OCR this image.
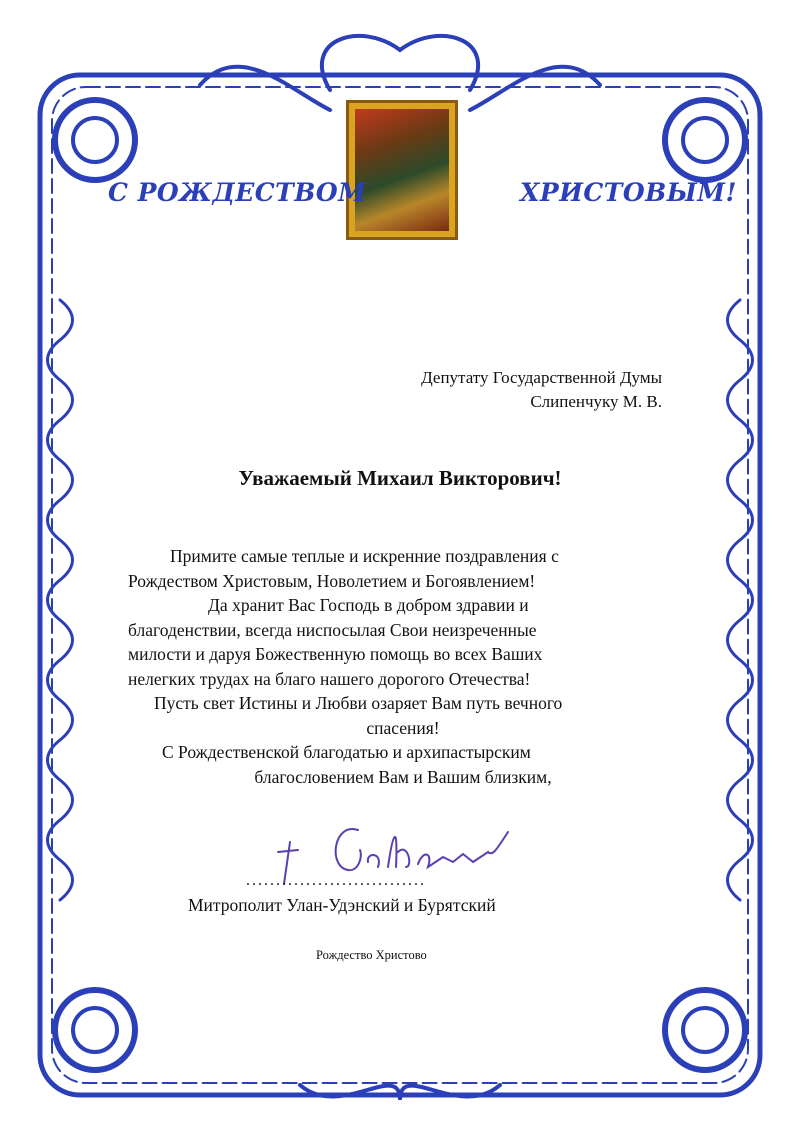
С РОЖДЕСТВОМ	ХРИСТОВЫМ!
Депутату Государственной Думы
Слипенчуку М. В.
Уважаемый Михаил Викторович!

Примите самые теплые и искренние поздравления с

Рождеством Христовым, Новолетием и Богоявлением!

Да хранит Вас Господь в добром здравии и

благоденствии, всегда ниспосылая Свои неизреченные

милости и даруя Божественную помощь во всех Ваших

нелегких трудах на благо нашего дорогого Отечества!

Пусть свет Истины и Любви озаряет Вам путь вечного

спасения!

С Рождественской благодатью и архипастырским

благословением Вам и Вашим близким,

..............................
Митрополит Улан-Удэнский и Бурятский
Рождество Христово
